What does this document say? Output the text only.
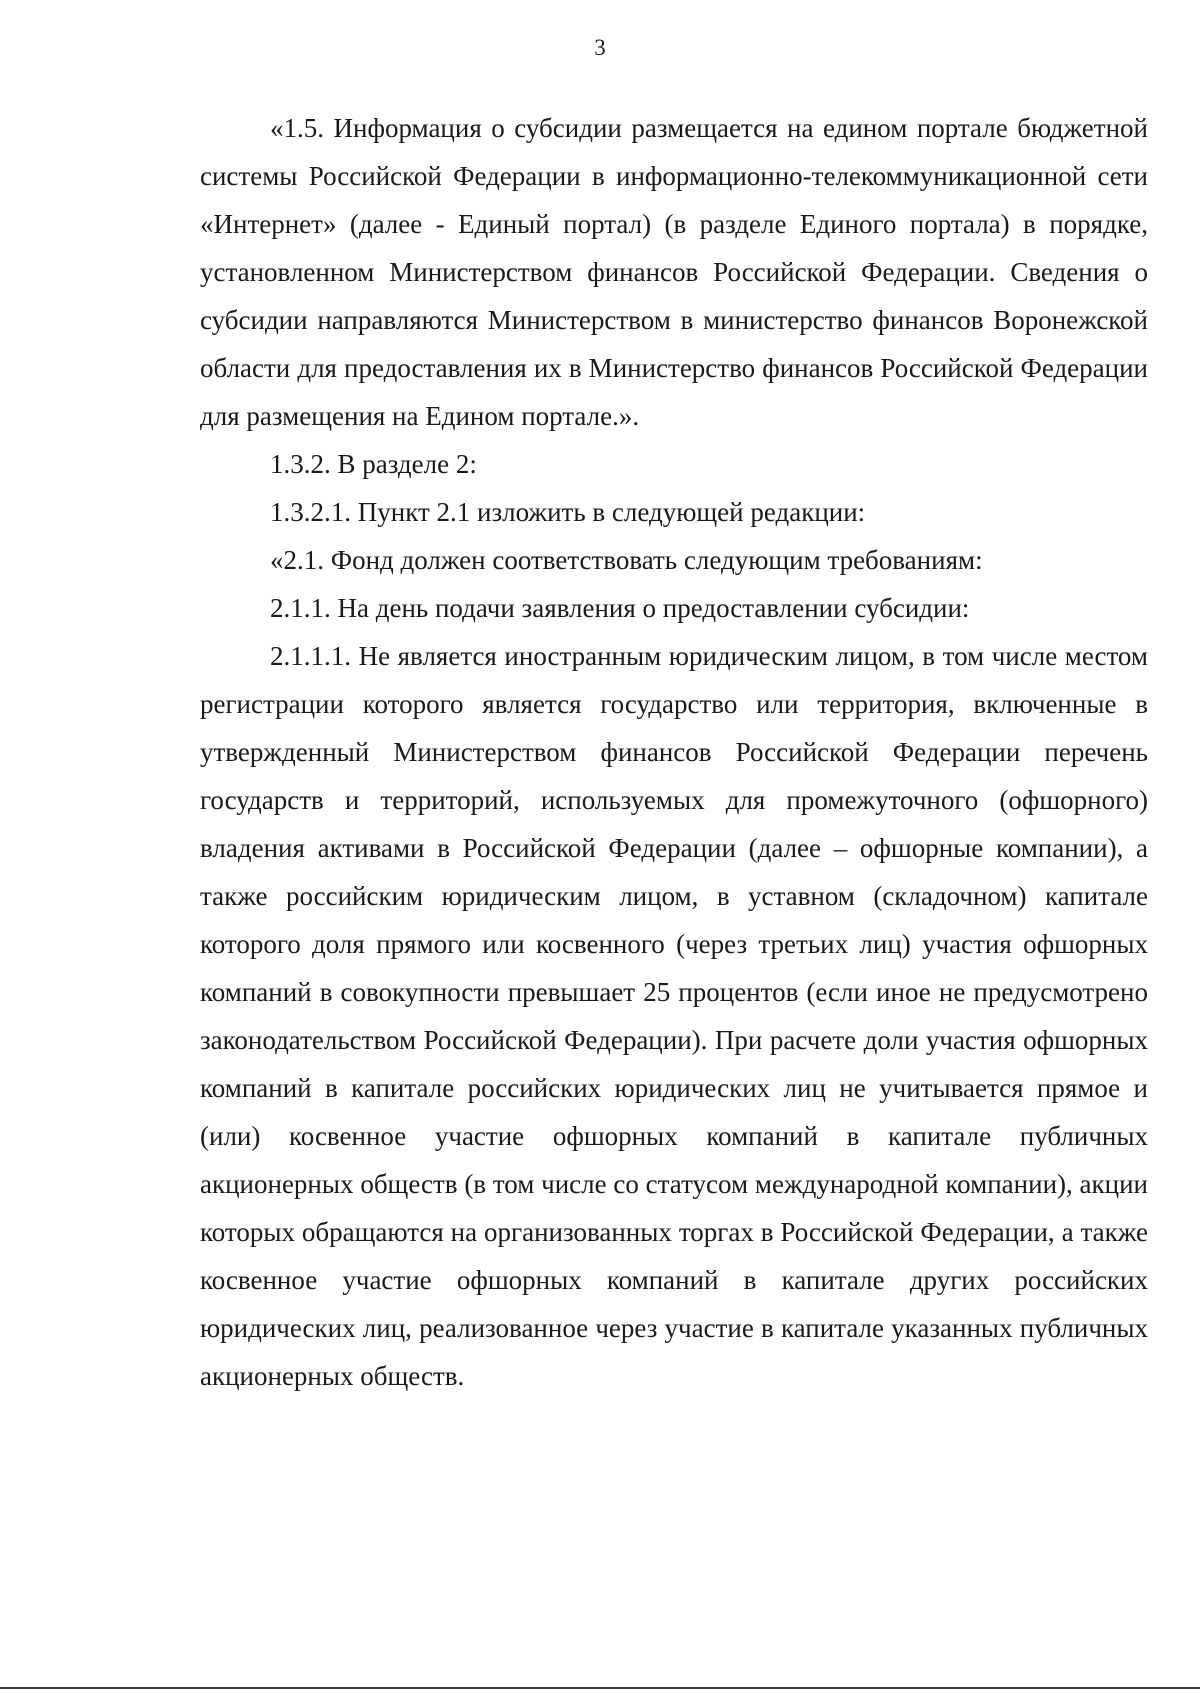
3

«1.5. Информация о субсидии размещается на едином портале бюджетной системы Российской Федерации в информационно-телекоммуникационной сети «Интернет» (далее - Единый портал) (в разделе Единого портала) в порядке, установленном Министерством финансов Российской Федерации. Сведения о субсидии направляются Министерством в министерство финансов Воронежской области для предоставления их в Министерство финансов Российской Федерации для размещения на Едином портале.».

1.3.2. В разделе 2:

1.3.2.1. Пункт 2.1 изложить в следующей редакции:

«2.1. Фонд должен соответствовать следующим требованиям:

2.1.1. На день подачи заявления о предоставлении субсидии:

2.1.1.1. Не является иностранным юридическим лицом, в том числе местом регистрации которого является государство или территория, включенные в утвержденный Министерством финансов Российской Федерации перечень государств и территорий, используемых для промежуточного (офшорного) владения активами в Российской Федерации (далее – офшорные компании), а также российским юридическим лицом, в уставном (складочном) капитале которого доля прямого или косвенного (через третьих лиц) участия офшорных компаний в совокупности превышает 25 процентов (если иное не предусмотрено законодательством Российской Федерации). При расчете доли участия офшорных компаний в капитале российских юридических лиц не учитывается прямое и (или) косвенное участие офшорных компаний в капитале публичных акционерных обществ (в том числе со статусом международной компании), акции которых обращаются на организованных торгах в Российской Федерации, а также косвенное участие офшорных компаний в капитале других российских юридических лиц, реализованное через участие в капитале указанных публичных акционерных обществ.
